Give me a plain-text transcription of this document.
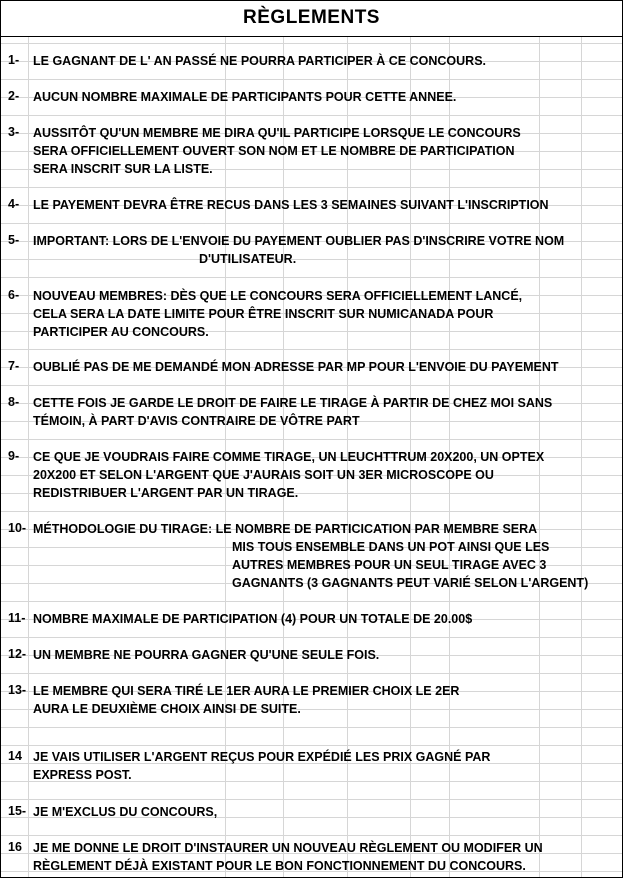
RÈGLEMENTS
1- LE GAGNANT DE L' AN PASSÉ NE POURRA PARTICIPER À CE CONCOURS.
2- AUCUN NOMBRE MAXIMALE DE PARTICIPANTS POUR CETTE ANNEE.
3- AUSSITÔT QU'UN MEMBRE ME DIRA QU'IL PARTICIPE LORSQUE LE CONCOURS
SERA OFFICIELLEMENT OUVERT SON NOM ET LE NOMBRE DE PARTICIPATION
SERA INSCRIT SUR LA LISTE.
4- LE PAYEMENT DEVRA ÊTRE RECUS DANS LES 3 SEMAINES SUIVANT L'INSCRIPTION
5- IMPORTANT: LORS DE L'ENVOIE DU PAYEMENT OUBLIER PAS D'INSCRIRE VOTRE NOM
D'UTILISATEUR.
6- NOUVEAU MEMBRES: DÈS QUE LE CONCOURS SERA OFFICIELLEMENT LANCÉ,
CELA SERA LA DATE LIMITE POUR ÊTRE INSCRIT SUR NUMICANADA POUR
PARTICIPER AU CONCOURS.
7- OUBLIÉ PAS DE ME DEMANDÉ MON ADRESSE PAR MP POUR L'ENVOIE DU PAYEMENT
8- CETTE FOIS JE GARDE LE DROIT DE FAIRE LE TIRAGE À PARTIR DE CHEZ MOI SANS
TÉMOIN, À PART D'AVIS CONTRAIRE DE VÔTRE PART
9- CE QUE JE VOUDRAIS FAIRE COMME TIRAGE, UN LEUCHTTRUM 20X200, UN OPTEX
20X200 ET SELON L'ARGENT QUE J'AURAIS SOIT UN 3ER MICROSCOPE OU
REDISTRIBUER L'ARGENT PAR UN TIRAGE.
10- MÉTHODOLOGIE DU TIRAGE: LE NOMBRE DE PARTICICATION PAR MEMBRE SERA
MIS TOUS ENSEMBLE DANS UN POT AINSI QUE LES
AUTRES MEMBRES POUR UN SEUL TIRAGE AVEC 3
GAGNANTS (3 GAGNANTS PEUT VARIÉ SELON L'ARGENT)
11- NOMBRE MAXIMALE DE PARTICIPATION (4) POUR UN TOTALE DE 20.00$
12- UN MEMBRE NE POURRA GAGNER QU'UNE SEULE FOIS.
13- LE MEMBRE QUI SERA TIRÉ LE 1ER AURA LE PREMIER CHOIX LE 2ER
AURA LE DEUXIÈME CHOIX AINSI DE SUITE.
14 JE VAIS UTILISER L'ARGENT REÇUS POUR EXPÉDIÉ LES PRIX GAGNÉ PAR
EXPRESS POST.
15- JE M'EXCLUS DU CONCOURS,
16 JE ME DONNE LE DROIT D'INSTAURER UN NOUVEAU RÈGLEMENT OU MODIFER UN
RÈGLEMENT DÉJÀ EXISTANT POUR LE BON FONCTIONNEMENT DU CONCOURS.
